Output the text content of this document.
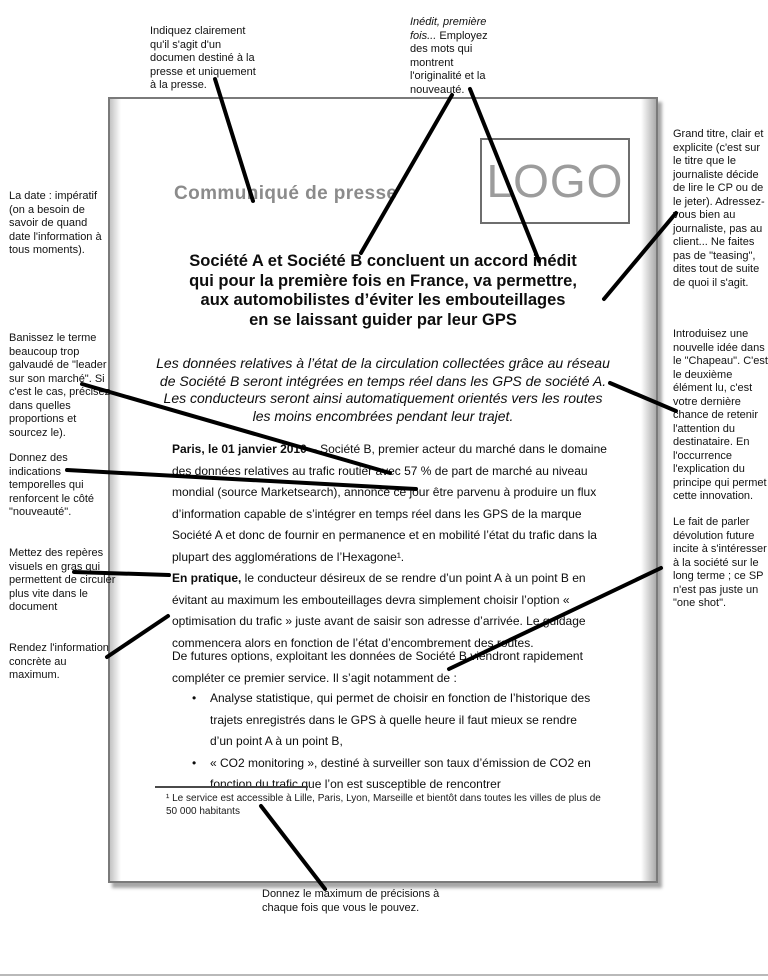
Indiquez clairement qu'il s'agit d'un documen destiné à la presse et uniquement à la presse.
Inédit, première fois... Employez des mots qui montrent l'originalité et la nouveauté.
La date : impératif (on a besoin de savoir de quand date l'information à tous moments).
Banissez le terme beaucoup trop galvaudé de "leader sur son marché". Si c'est le cas, précisez dans quelles proportions et sourcez le).
Donnez des indications temporelles qui renforcent le côté "nouveauté".
Mettez des repères visuels en gras qui permettent de circuler plus vite dans le document
Rendez l'information concrète au maximum.
Grand titre, clair et explicite (c'est sur le titre que le journaliste décide de lire le CP ou de le jeter). Adressez-vous bien au journaliste, pas au client... Ne faites pas de "teasing", dites tout de suite de quoi il s'agit.
Introduisez une nouvelle idée dans le "Chapeau". C'est le deuxième élément lu, c'est votre dernière chance de retenir l'attention du destinataire. En l'occurrence l'explication du principe qui permet cette innovation.
Le fait de parler dévolution future incite à s'intéresser à la société sur le long terme ; ce SP n'est pas juste un "one shot".
Donnez le maximum de précisions à chaque fois que vous le pouvez.
Communiqué de presse LOGO
Société A et Société B concluent un accord inédit
qui pour la première fois en France, va permettre,
aux automobilistes d’éviter les embouteillages
en se laissant guider par leur GPS
Les données relatives à l’état de la circulation collectées grâce au réseau de Société B seront intégrées en temps réel dans les GPS de société A. Les conducteurs seront ainsi automatiquement orientés vers les routes les moins encombrées pendant leur trajet.
Paris, le 01 janvier 2010 – Société B, premier acteur du marché dans le domaine des données relatives au trafic routier avec 57 % de part de marché au niveau mondial (source Marketsearch), annonce ce jour être parvenu à produire un flux d’information capable de s’intégrer en temps réel dans les GPS de la marque Société A et donc de fournir en permanence et en mobilité l’état du trafic dans la plupart des agglomérations de l’Hexagone¹.
En pratique, le conducteur désireux de se rendre d’un point A à un point B en évitant au maximum les embouteillages devra simplement choisir l’option « optimisation du trafic » juste avant de saisir son adresse d’arrivée. Le guidage commencera alors en fonction de l’état d’encombrement des routes.
De futures options, exploitant les données de Société B viendront rapidement compléter ce premier service. Il s’agit notamment de :
•	Analyse statistique, qui permet de choisir en fonction de l’historique des trajets enregistrés dans le GPS à quelle heure il faut mieux se rendre d’un point A à un point B,
•	« CO2 monitoring », destiné à surveiller son taux d’émission de CO2 en fonction du trafic que l’on est susceptible de rencontrer
¹ Le service est accessible à Lille, Paris, Lyon, Marseille et bientôt dans toutes les villes de plus de 50 000 habitants
